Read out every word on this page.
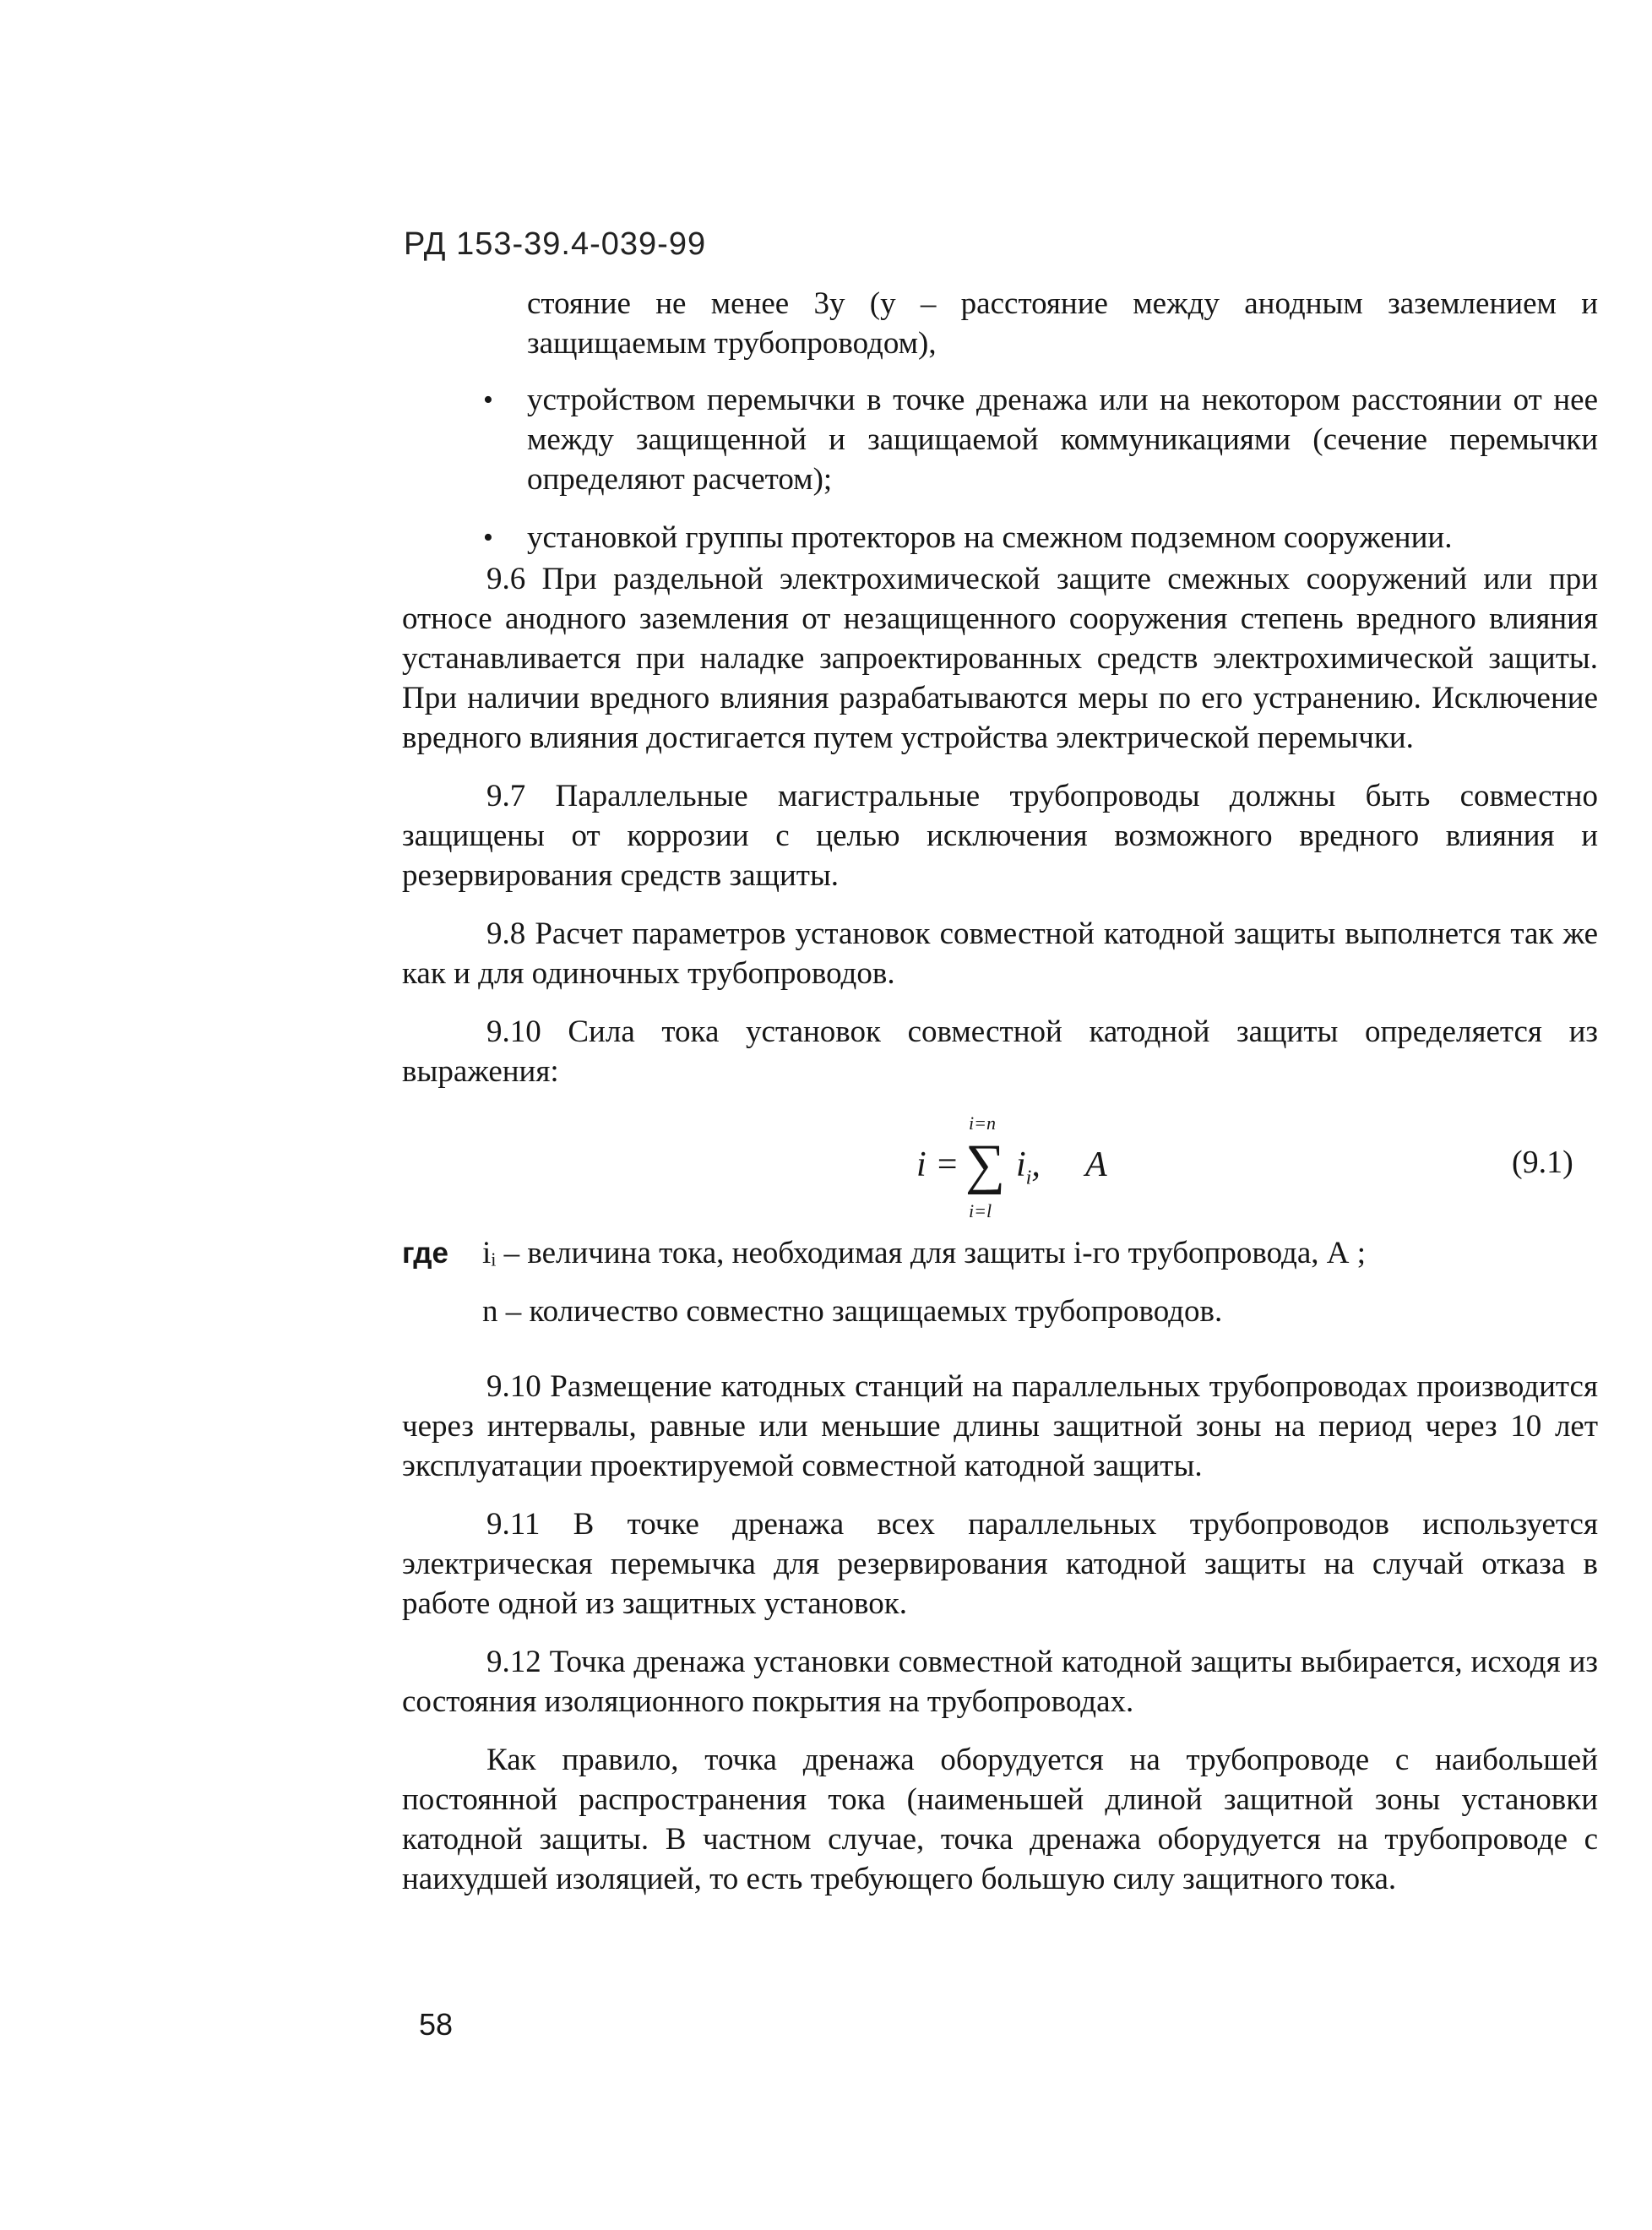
РД 153-39.4-039-99

стояние не менее 3y (y – расстояние между анодным заземлением и защищаемым трубопроводом),

•	устройством перемычки в точке дренажа или на некотором расстоянии от нее между защищенной и защищаемой коммуникациями (сечение перемычки определяют расчетом);
•	установкой группы протекторов на смежном подземном сооружении.

9.6 При раздельной электрохимической защите смежных сооружений или при относе анодного заземления от незащищенного сооружения степень вредного влияния устанавливается при наладке запроектированных средств электрохимической защиты. При наличии вредного влияния разрабатываются меры по его устранению. Исключение вредного влияния достигается путем устройства электрической перемычки.

9.7 Параллельные магистральные трубопроводы должны быть совместно защищены от коррозии с целью исключения возможного вредного влияния и резервирования средств защиты.

9.8 Расчет параметров установок совместной катодной защиты выполнется так же как и для одиночных трубопроводов.

9.10 Сила тока установок совместной катодной защиты определяется из выражения:

i =
i=n
∑
i=l
$i_i$, A	(9.1)
где	iᵢ – величина тока, необходимая для защиты i-го трубопровода, А ;
n – количество совместно защищаемых трубопроводов.

9.10 Размещение катодных станций на параллельных трубопроводах производится через интервалы, равные или меньшие длины защитной зоны на период через 10 лет эксплуатации проектируемой совместной катодной защиты.

9.11 В точке дренажа всех параллельных трубопроводов используется электрическая перемычка для резервирования катодной защиты на случай отказа в работе одной из защитных установок.

9.12 Точка дренажа установки совместной катодной защиты выбирается, исходя из состояния изоляционного покрытия на трубопроводах.

Как правило, точка дренажа оборудуется на трубопроводе с наибольшей постоянной распространения тока (наименьшей длиной защитной зоны установки катодной защиты. В частном случае, точка дренажа оборудуется на трубопроводе с наихудшей изоляцией, то есть требующего большую силу защитного тока.

58
